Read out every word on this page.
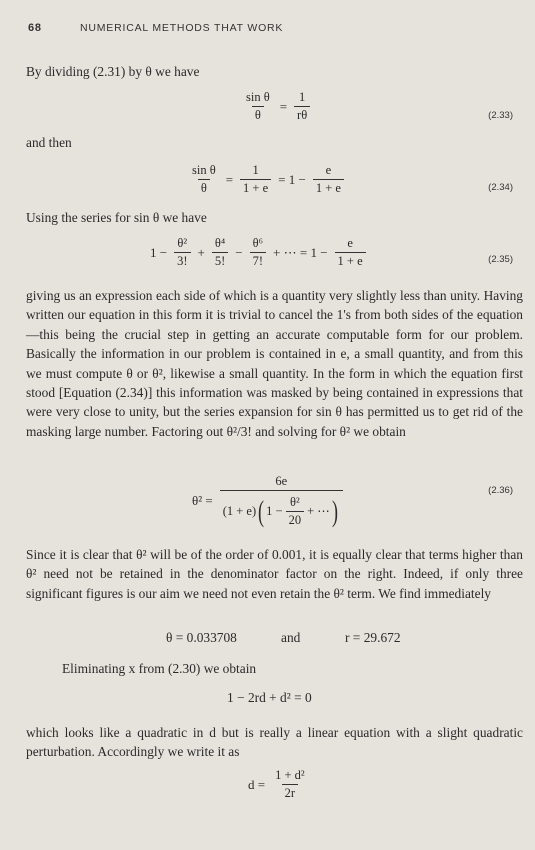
68	NUMERICAL METHODS THAT WORK
By dividing (2.31) by θ we have
$\frac{\text{sin θ}}{\theta} = \frac{1}{r\theta}$	(2.33)
and then
$\frac{\text{sin θ}}{\theta} = \frac{1}{1 + e} = 1 - \frac{e}{1 + e}$	(2.34)
Using the series for sin θ we have
$1 - \frac{\text{θ²}}{3!} + \frac{\text{θ⁴}}{5!} - \frac{\text{θ⁶}}{7!}$ + ⋯ = $1 - \frac{e}{1 + e}$	(2.35)
giving us an expression each side of which is a quantity very slightly less than unity. Having written our equation in this form it is trivial to cancel the 1's from both sides of the equation—this being the crucial step in getting an accurate computable form for our problem. Basically the information in our problem is contained in e, a small quantity, and from this we must compute θ or θ², likewise a small quantity. In the form in which the equation first stood [Equation (2.34)] this information was masked by being contained in expressions that were very close to unity, but the series expansion for sin θ has permitted us to get rid of the masking large number. Factoring out θ²/3! and solving for θ² we obtain
θ² =
6e
(1 + e) ( $1 - \frac{\text{θ²}}{20}$ + ⋯ )
(2.36)
Since it is clear that θ² will be of the order of 0.001, it is equally clear that terms higher than θ² need not be retained in the denominator factor on the right. Indeed, if only three significant figures is our aim we need not even retain the θ² term. We find immediately
θ = 0.033708	and	r = 29.672
Eliminating x from (2.30) we obtain
1 − 2rd + d² = 0
which looks like a quadratic in d but is really a linear equation with a slight quadratic perturbation. Accordingly we write it as
$d = \frac{\text{1 + d²}}{2r}$
